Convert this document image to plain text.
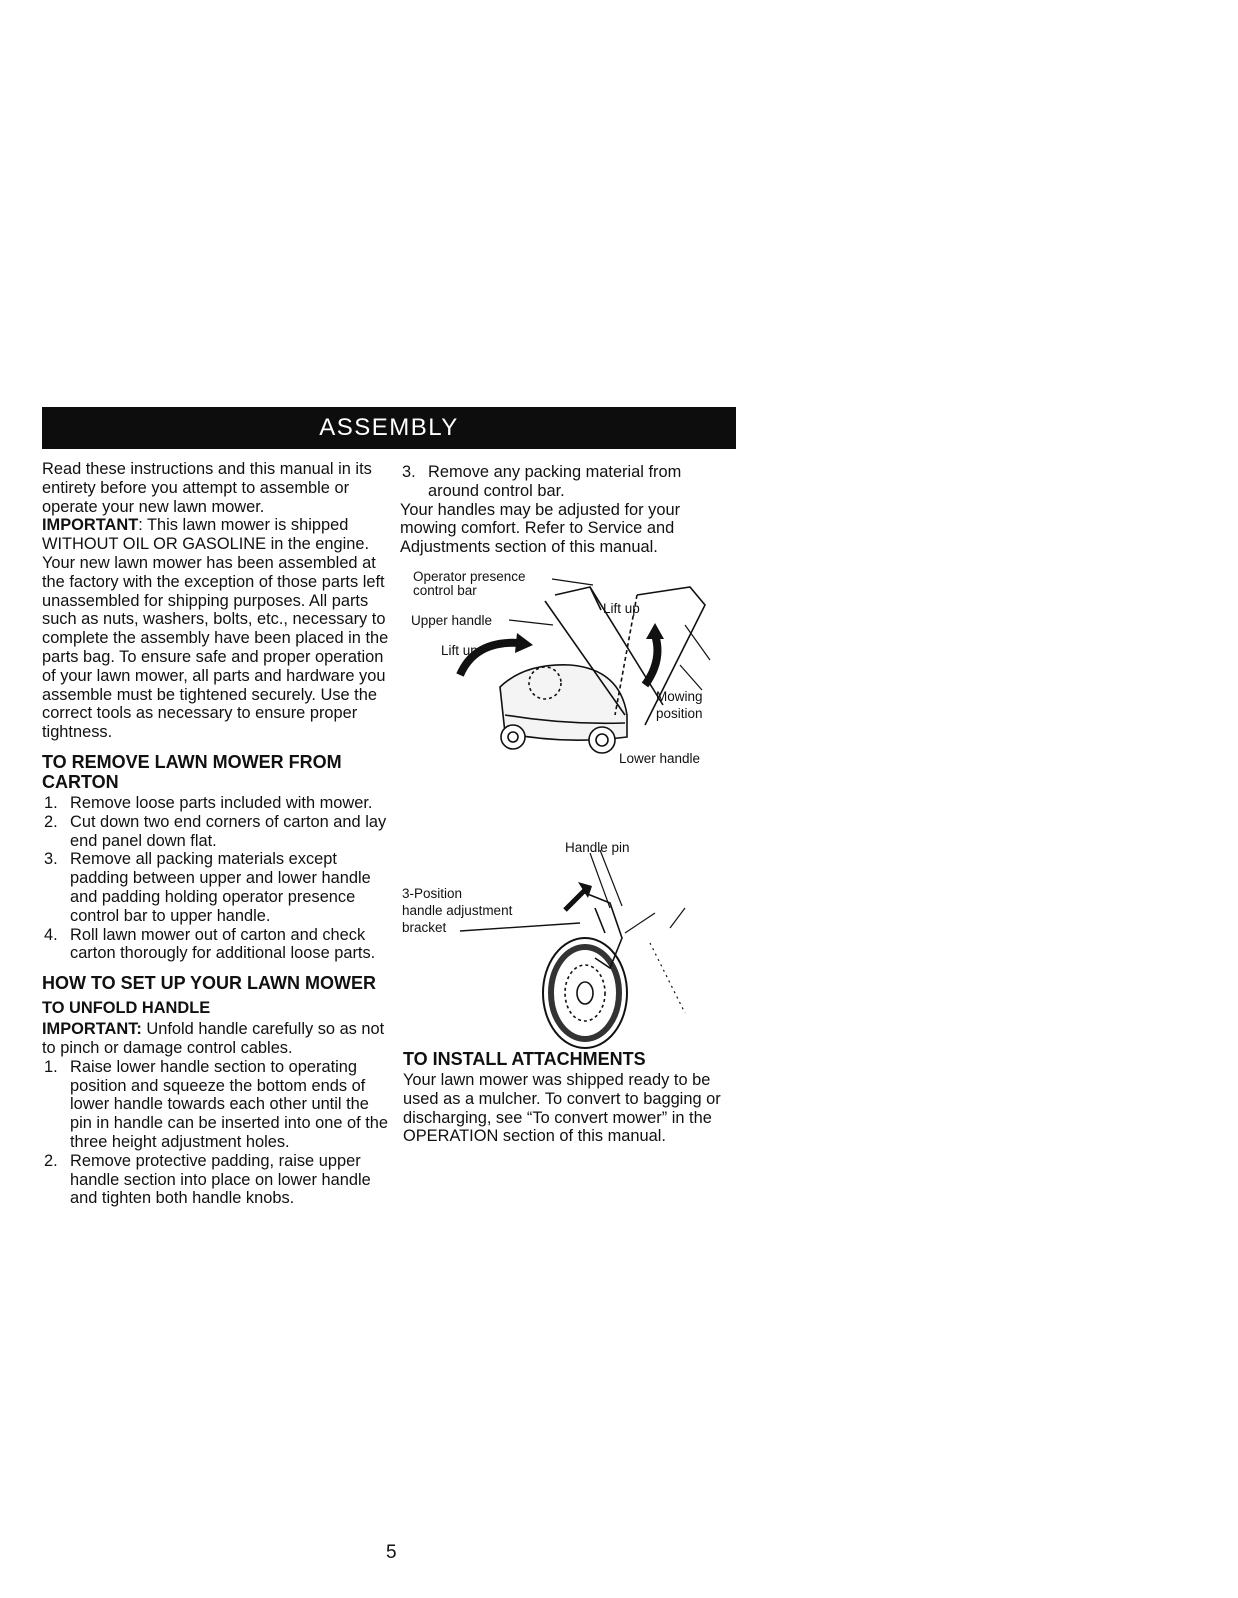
ASSEMBLY

Read these instructions and this manual in its entirety before you attempt to assemble or operate your new lawn mower.

IMPORTANT: This lawn mower is shipped WITHOUT OIL OR GASOLINE in the engine.

Your new lawn mower has been assembled at the factory with the exception of those parts left unassembled for shipping purposes. All parts such as nuts, washers, bolts, etc., necessary to complete the assembly have been placed in the parts bag. To ensure safe and proper operation of your lawn mower, all parts and hardware you assemble must be tightened securely. Use the correct tools as necessary to ensure proper tightness.

TO REMOVE LAWN MOWER FROM CARTON
1. Remove loose parts included with mower.
2. Cut down two end corners of carton and lay end panel down flat.
3. Remove all packing materials except padding between upper and lower handle and padding holding operator presence control bar to upper handle.
4. Roll lawn mower out of carton and check carton thorougly for additional loose parts.
HOW TO SET UP YOUR LAWN MOWER
TO UNFOLD HANDLE

IMPORTANT: Unfold handle carefully so as not to pinch or damage control cables.

1. Raise lower handle section to operating position and squeeze the bottom ends of lower handle towards each other until the pin in handle can be inserted into one of the three height adjustment holes.
2. Remove protective padding, raise upper handle section into place on lower handle and tighten both handle knobs.
3. Remove any packing material from around control bar.

Your handles may be adjusted for your mowing comfort. Refer to Service and Adjustments section of this manual.

Operator presence
control bar
Upper handle
Lift up
Lift up
Mowing
position
Lower handle
Handle pin
3-Position
handle adjustment
bracket
TO INSTALL ATTACHMENTS

Your lawn mower was shipped ready to be used as a mulcher. To convert to bagging or discharging, see “To convert mower” in the OPERATION section of this manual.

5
